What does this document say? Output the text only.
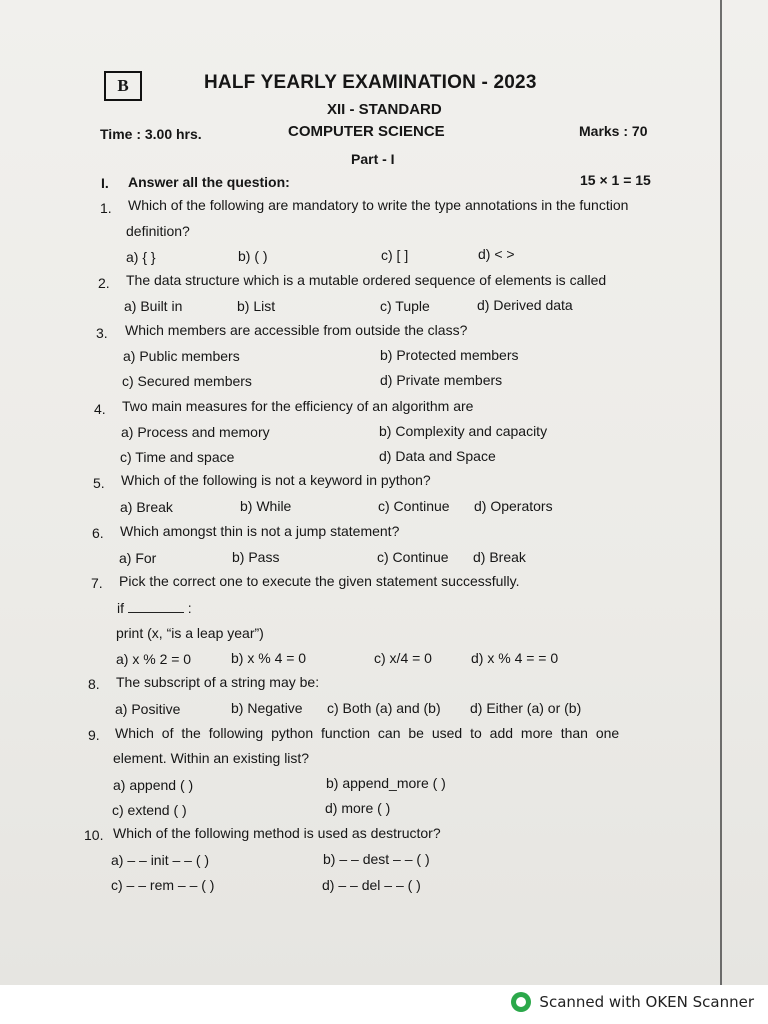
B	HALF YEARLY EXAMINATION - 2023
XII - STANDARD
Time : 3.00 hrs.	COMPUTER SCIENCE	Marks : 70
Part - I
I. Answer all the question:	15 × 1 = 15
1. Which of the following are mandatory to write the type annotations in the function
definition?
a) { }	b) ( )	c) [ ]	d) < >
2. The data structure which is a mutable ordered sequence of elements is called
a) Built in	b) List	c) Tuple	d) Derived data
3. Which members are accessible from outside the class?
a) Public members	b) Protected members
c) Secured members	d) Private members
4. Two main measures for the efficiency of an algorithm are
a) Process and memory	b) Complexity and capacity
c) Time and space	d) Data and Space
5. Which of the following is not a keyword in python?
a) Break	b) While	c) Continue d) Operators
6. Which amongst thin is not a jump statement?
a) For	b) Pass	c) Continue d) Break
7. Pick the correct one to execute the given statement successfully.
if	:
print (x, “is a leap year”)
a) x % 2 = 0	b) x % 4 = 0	c) x/4 = 0	d) x % 4 = = 0
8. The subscript of a string may be:
a) Positive	b) Negative c) Both (a) and (b) d) Either (a) or (b)
9. Which of the following python function can be used to add more than one
element. Within an existing list?
a) append ( )	b) append_more ( )
c) extend ( )	d) more ( )
10. Which of the following method is used as destructor?
a) – – init – – ( )	b) – – dest – – ( )
c) – – rem – – ( )	d) – – del – – ( )
Scanned with OKEN Scanner
